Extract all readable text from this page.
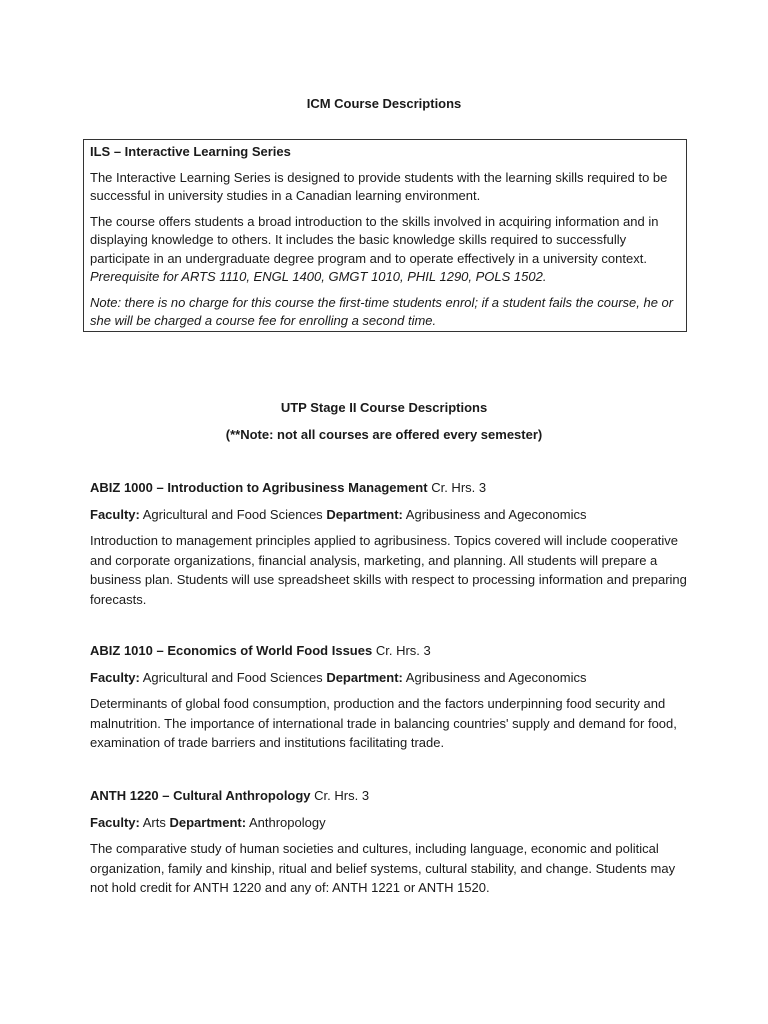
ICM Course Descriptions

ILS – Interactive Learning Series

The Interactive Learning Series is designed to provide students with the learning skills required to be successful in university studies in a Canadian learning environment.

The course offers students a broad introduction to the skills involved in acquiring information and in displaying knowledge to others. It includes the basic knowledge skills required to successfully participate in an undergraduate degree program and to operate effectively in a university context. Prerequisite for ARTS 1110, ENGL 1400, GMGT 1010, PHIL 1290, POLS 1502.

Note: there is no charge for this course the first-time students enrol; if a student fails the course, he or she will be charged a course fee for enrolling a second time.

UTP Stage II Course Descriptions
(**Note: not all courses are offered every semester)

ABIZ 1000 – Introduction to Agribusiness Management Cr. Hrs. 3

Faculty: Agricultural and Food Sciences Department: Agribusiness and Ageconomics

Introduction to management principles applied to agribusiness. Topics covered will include cooperative and corporate organizations, financial analysis, marketing, and planning. All students will prepare a business plan. Students will use spreadsheet skills with respect to processing information and preparing forecasts.

ABIZ 1010 – Economics of World Food Issues Cr. Hrs. 3

Faculty: Agricultural and Food Sciences Department: Agribusiness and Ageconomics

Determinants of global food consumption, production and the factors underpinning food security and malnutrition. The importance of international trade in balancing countries' supply and demand for food, examination of trade barriers and institutions facilitating trade.

ANTH 1220 – Cultural Anthropology Cr. Hrs. 3

Faculty: Arts Department: Anthropology

The comparative study of human societies and cultures, including language, economic and political organization, family and kinship, ritual and belief systems, cultural stability, and change. Students may not hold credit for ANTH 1220 and any of: ANTH 1221 or ANTH 1520.
